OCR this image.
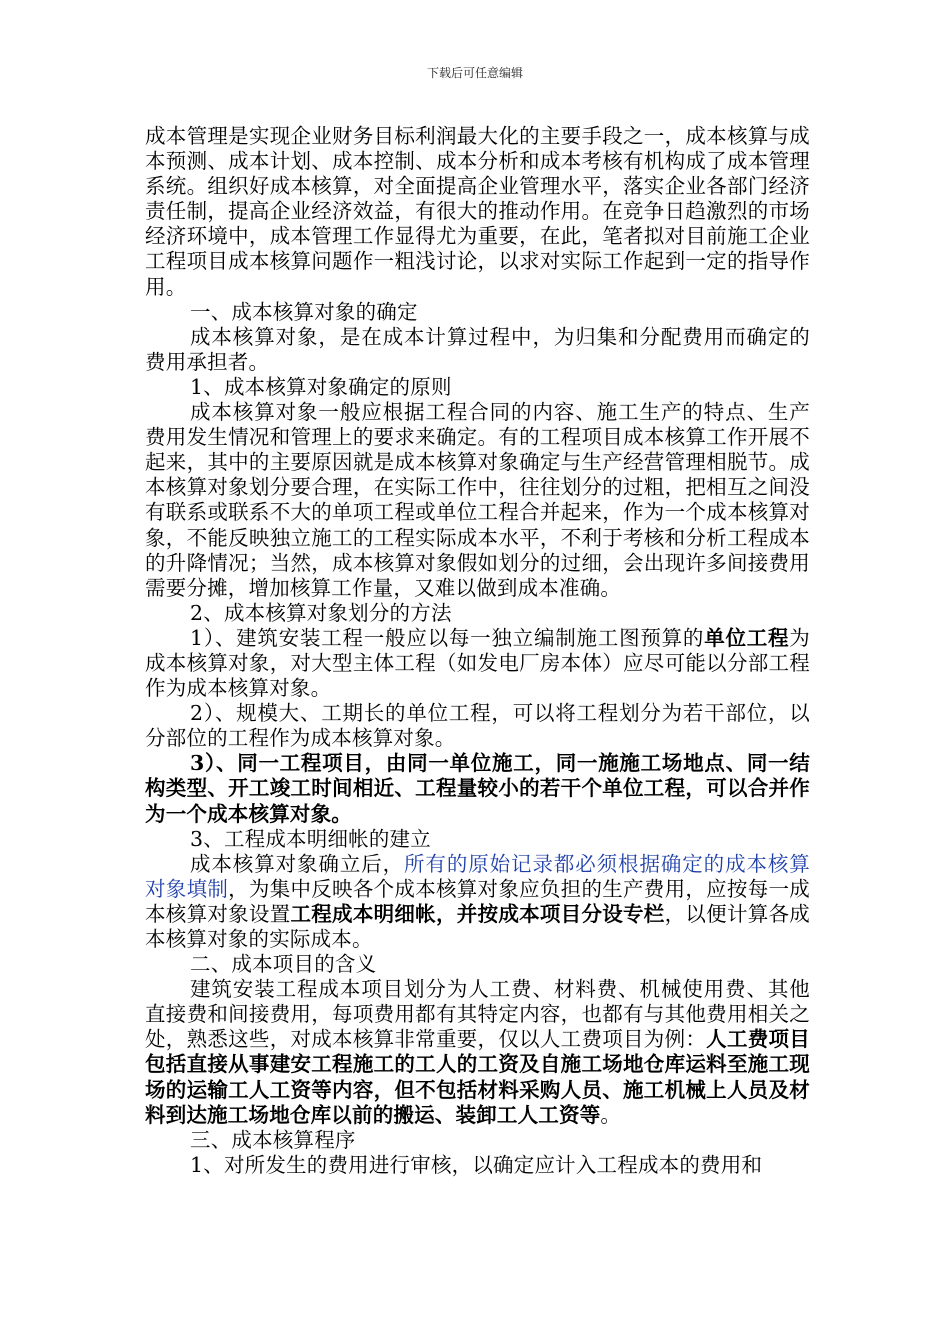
下载后可任意编辑

成本管理是实现企业财务目标利润最大化的主要手段之一，成本核算与成本预测、成本计划、成本控制、成本分析和成本考核有机构成了成本管理系统。组织好成本核算，对全面提高企业管理水平，落实企业各部门经济责任制，提高企业经济效益，有很大的推动作用。在竞争日趋激烈的市场经济环境中，成本管理工作显得尤为重要，在此，笔者拟对目前施工企业工程项目成本核算问题作一粗浅讨论，以求对实际工作起到一定的指导作用。

一、成本核算对象的确定

成本核算对象，是在成本计算过程中，为归集和分配费用而确定的费用承担者。

1、成本核算对象确定的原则

成本核算对象一般应根据工程合同的内容、施工生产的特点、生产费用发生情况和管理上的要求来确定。有的工程项目成本核算工作开展不起来，其中的主要原因就是成本核算对象确定与生产经营管理相脱节。成本核算对象划分要合理，在实际工作中，往往划分的过粗，把相互之间没有联系或联系不大的单项工程或单位工程合并起来，作为一个成本核算对象，不能反映独立施工的工程实际成本水平，不利于考核和分析工程成本的升降情况；当然，成本核算对象假如划分的过细，会出现许多间接费用需要分摊，增加核算工作量，又难以做到成本准确。

2、成本核算对象划分的方法

1）、建筑安装工程一般应以每一独立编制施工图预算的单位工程为成本核算对象，对大型主体工程（如发电厂房本体）应尽可能以分部工程作为成本核算对象。

2）、规模大、工期长的单位工程，可以将工程划分为若干部位，以分部位的工程作为成本核算对象。

3）、同一工程项目，由同一单位施工，同一施施工场地点、同一结构类型、开工竣工时间相近、工程量较小的若干个单位工程，可以合并作为一个成本核算对象。

3、工程成本明细帐的建立

成本核算对象确立后，所有的原始记录都必须根据确定的成本核算对象填制，为集中反映各个成本核算对象应负担的生产费用，应按每一成本核算对象设置工程成本明细帐，并按成本项目分设专栏，以便计算各成本核算对象的实际成本。

二、成本项目的含义

建筑安装工程成本项目划分为人工费、材料费、机械使用费、其他直接费和间接费用，每项费用都有其特定内容，也都有与其他费用相关之处，熟悉这些，对成本核算非常重要，仅以人工费项目为例：人工费项目包括直接从事建安工程施工的工人的工资及自施工场地仓库运料至施工现场的运输工人工资等内容，但不包括材料采购人员、施工机械上人员及材料到达施工场地仓库以前的搬运、装卸工人工资等。

三、成本核算程序

1、对所发生的费用进行审核，以确定应计入工程成本的费用和
